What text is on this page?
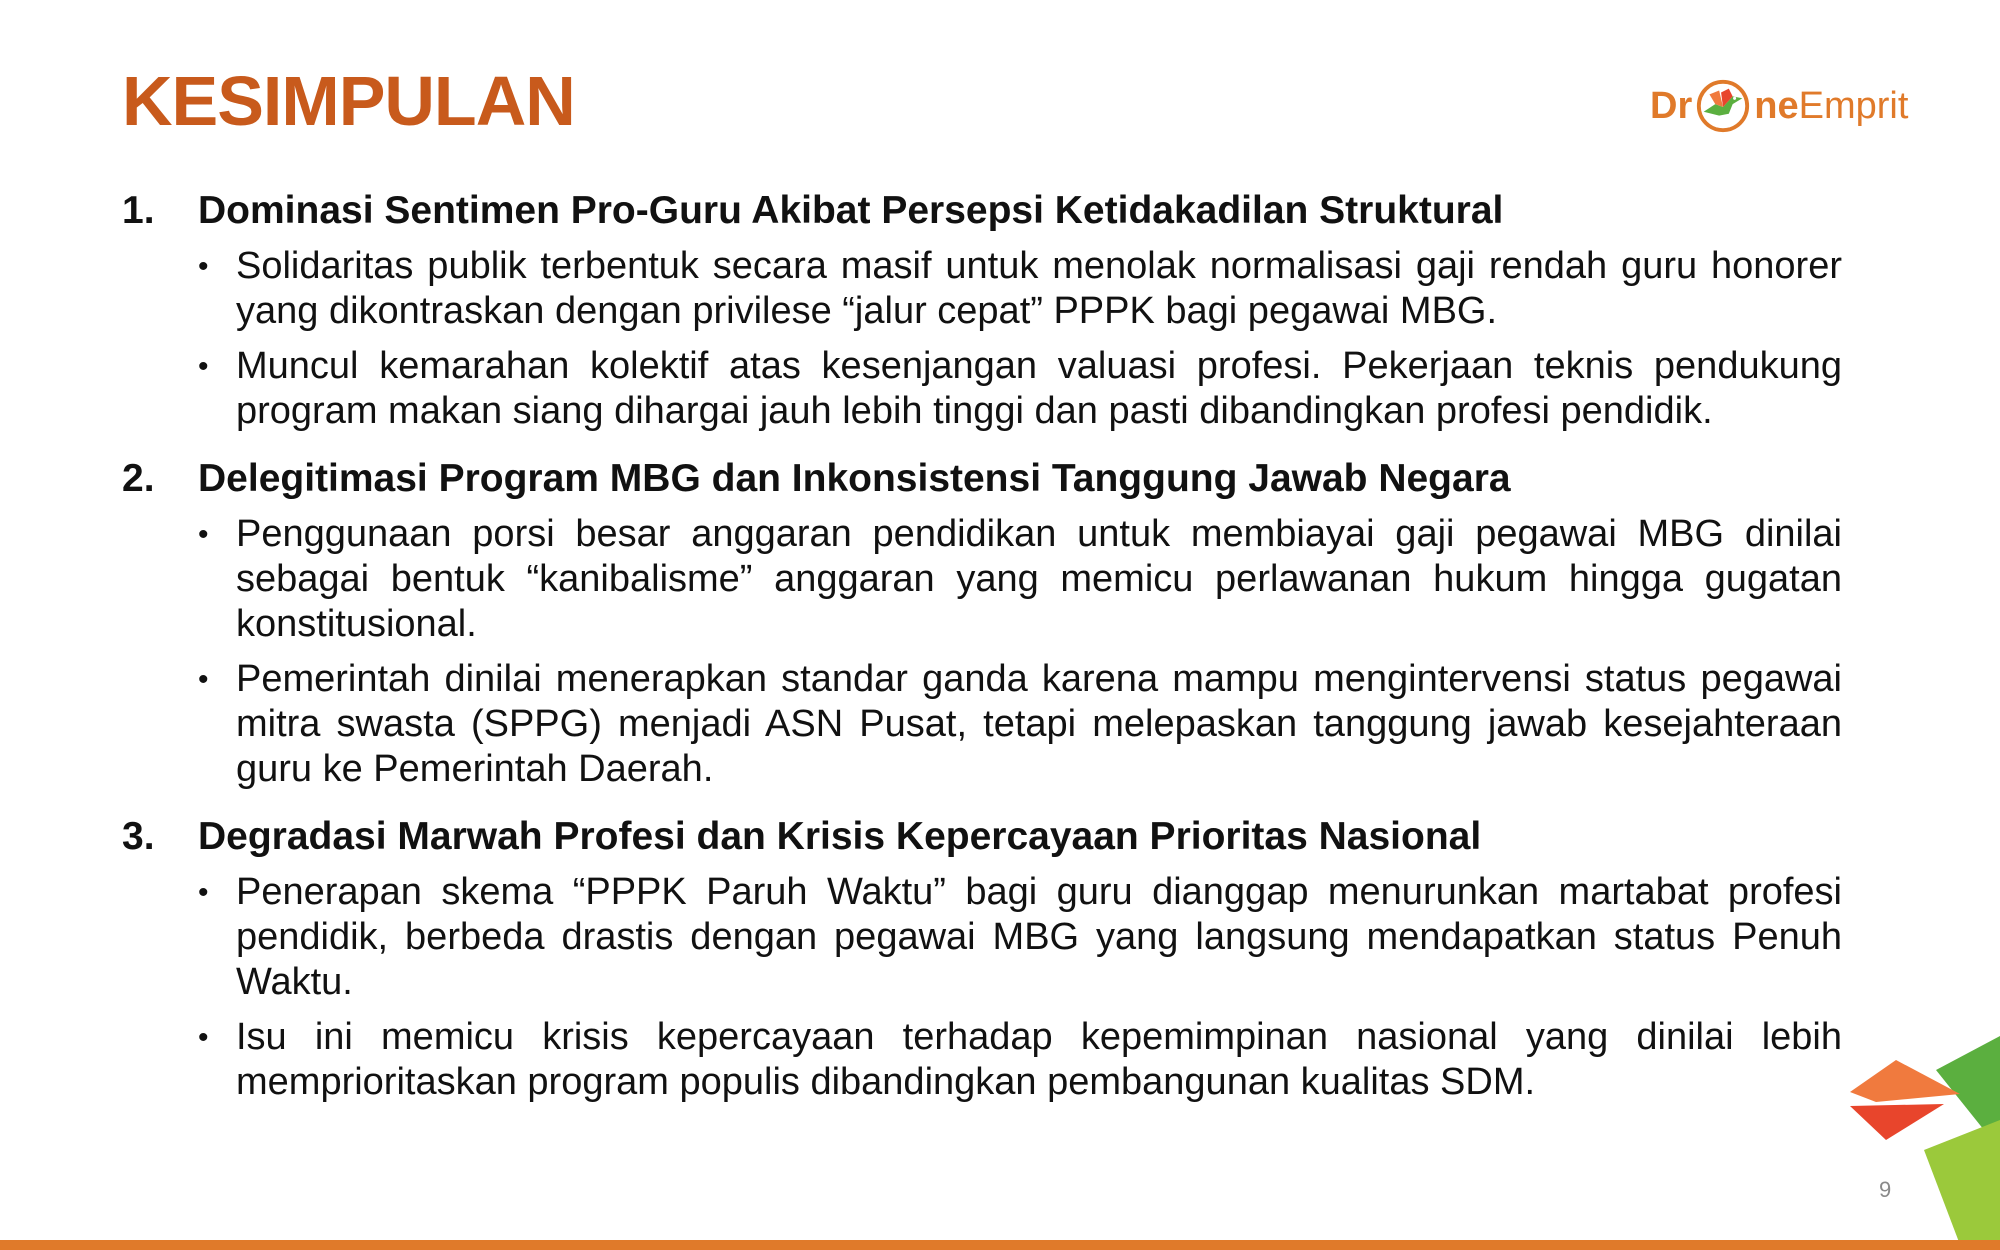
KESIMPULAN	Dr ne Emprit
1.	Dominasi Sentimen Pro-Guru Akibat Persepsi Ketidakadilan Struktural
• Solidaritas publik terbentuk secara masif untuk menolak normalisasi gaji rendah guru honorer yang dikontraskan dengan privilese “jalur cepat” PPPK bagi pegawai MBG.
• Muncul kemarahan kolektif atas kesenjangan valuasi profesi. Pekerjaan teknis pendukung program makan siang dihargai jauh lebih tinggi dan pasti dibandingkan profesi pendidik.
2.	Delegitimasi Program MBG dan Inkonsistensi Tanggung Jawab Negara
• Penggunaan porsi besar anggaran pendidikan untuk membiayai gaji pegawai MBG dinilai sebagai bentuk “kanibalisme” anggaran yang memicu perlawanan hukum hingga gugatan konstitusional.
• Pemerintah dinilai menerapkan standar ganda karena mampu mengintervensi status pegawai mitra swasta (SPPG) menjadi ASN Pusat, tetapi melepaskan tanggung jawab kesejahteraan guru ke Pemerintah Daerah.
3.	Degradasi Marwah Profesi dan Krisis Kepercayaan Prioritas Nasional
• Penerapan skema “PPPK Paruh Waktu” bagi guru dianggap menurunkan martabat profesi pendidik, berbeda drastis dengan pegawai MBG yang langsung mendapatkan status Penuh Waktu.
• Isu ini memicu krisis kepercayaan terhadap kepemimpinan nasional yang dinilai lebih memprioritaskan program populis dibandingkan pembangunan kualitas SDM.
9
